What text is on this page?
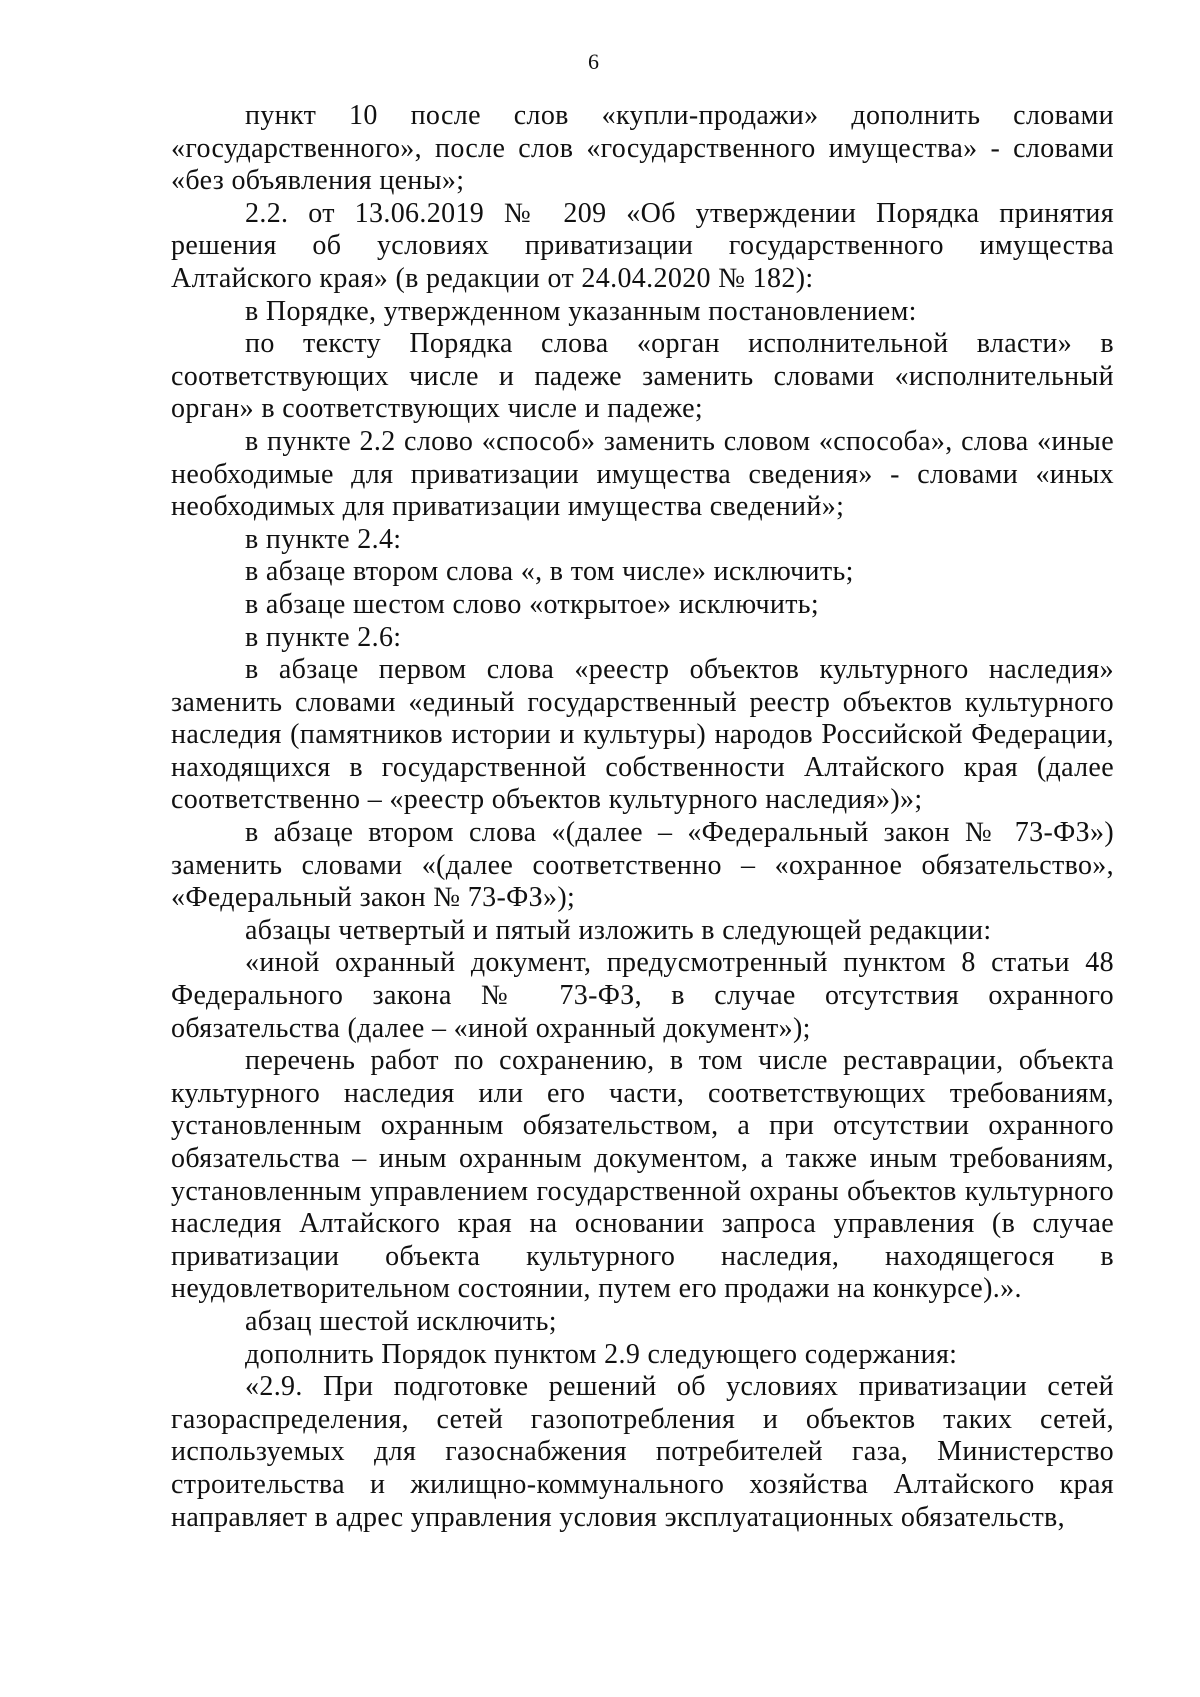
6

пункт 10 после слов «купли-продажи» дополнить словами «государственного», после слов «государственного имущества» - словами «без объявления цены»;

2.2. от 13.06.2019 № 209 «Об утверждении Порядка принятия решения об условиях приватизации государственного имущества Алтайского края» (в редакции от 24.04.2020 № 182):

в Порядке, утвержденном указанным постановлением:

по тексту Порядка слова «орган исполнительной власти» в соответствующих числе и падеже заменить словами «исполнительный орган» в соответствующих числе и падеже;

в пункте 2.2 слово «способ» заменить словом «способа», слова «иные необходимые для приватизации имущества сведения» - словами «иных необходимых для приватизации имущества сведений»;

в пункте 2.4:

в абзаце втором слова «, в том числе» исключить;

в абзаце шестом слово «открытое» исключить;

в пункте 2.6:

в абзаце первом слова «реестр объектов культурного наследия» заменить словами «единый государственный реестр объектов культурного наследия (памятников истории и культуры) народов Российской Федерации, находящихся в государственной собственности Алтайского края (далее соответственно – «реестр объектов культурного наследия»)»;

в абзаце втором слова «(далее – «Федеральный закон № 73-ФЗ») заменить словами «(далее соответственно – «охранное обязательство», «Федеральный закон № 73-ФЗ»);

абзацы четвертый и пятый изложить в следующей редакции:

«иной охранный документ, предусмотренный пунктом 8 статьи 48 Федерального закона № 73-ФЗ, в случае отсутствия охранного обязательства (далее – «иной охранный документ»);

перечень работ по сохранению, в том числе реставрации, объекта культурного наследия или его части, соответствующих требованиям, установленным охранным обязательством, а при отсутствии охранного обязательства – иным охранным документом, а также иным требованиям, установленным управлением государственной охраны объектов культурного наследия Алтайского края на основании запроса управления (в случае приватизации объекта культурного наследия, находящегося в неудовлетворительном состоянии, путем его продажи на конкурсе).».

абзац шестой исключить;

дополнить Порядок пунктом 2.9 следующего содержания:

«2.9. При подготовке решений об условиях приватизации сетей газораспределения, сетей газопотребления и объектов таких сетей, используемых для газоснабжения потребителей газа, Министерство строительства и жилищно-коммунального хозяйства Алтайского края направляет в адрес управления условия эксплуатационных обязательств,
